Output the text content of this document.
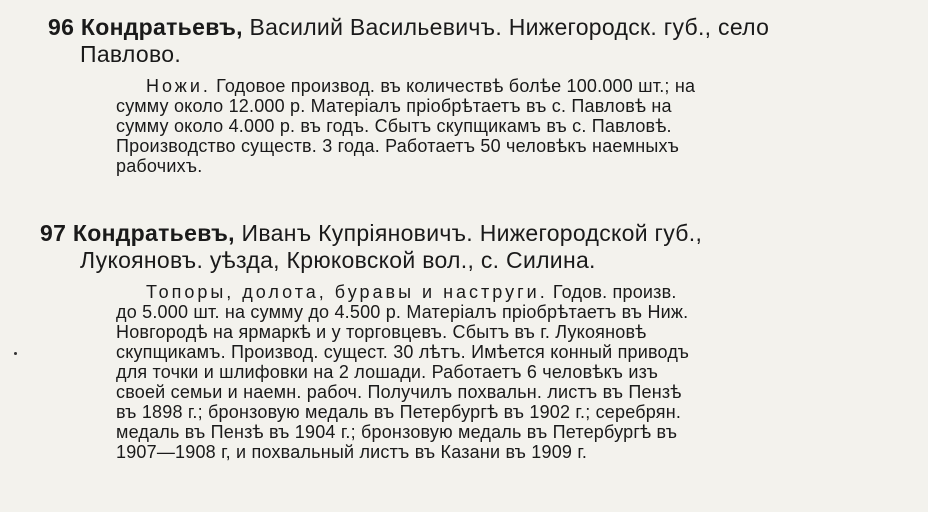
96 Кондратьевъ, Василий Васильевичъ. Нижегородск. губ., село
Павлово.

Ножи. Годовое производ. въ количествѣ болѣе 100.000 шт.; на
сумму около 12.000 р. Матеріалъ пріобрѣтаетъ въ с. Павловѣ на
сумму около 4.000 р. въ годъ. Сбытъ скупщикамъ въ с. Павловѣ.
Производство существ. 3 года. Работаетъ 50 человѣкъ наемныхъ
рабочихъ.

97 Кондратьевъ, Иванъ Купріяновичъ. Нижегородской губ.,
Лукояновъ. уѣзда, Крюковской вол., с. Силина.

Топоры, долота, буравы и наструги. Годов. произв.
до 5.000 шт. на сумму до 4.500 р. Матеріалъ пріобрѣтаетъ въ Ниж.
Новгородѣ на ярмаркѣ и у торговцевъ. Сбытъ въ г. Лукояновѣ
скупщикамъ. Производ. сущест. 30 лѣтъ. Имѣется конный приводъ
для точки и шлифовки на 2 лошади. Работаетъ 6 человѣкъ изъ
своей семьи и наемн. рабоч. Получилъ похвальн. листъ въ Пензѣ
въ 1898 г.; бронзовую медаль въ Петербургѣ въ 1902 г.; серебрян.
медаль въ Пензѣ въ 1904 г.; бронзовую медаль въ Петербургѣ въ
1907—1908 г, и похвальный листъ въ Казани въ 1909 г.
